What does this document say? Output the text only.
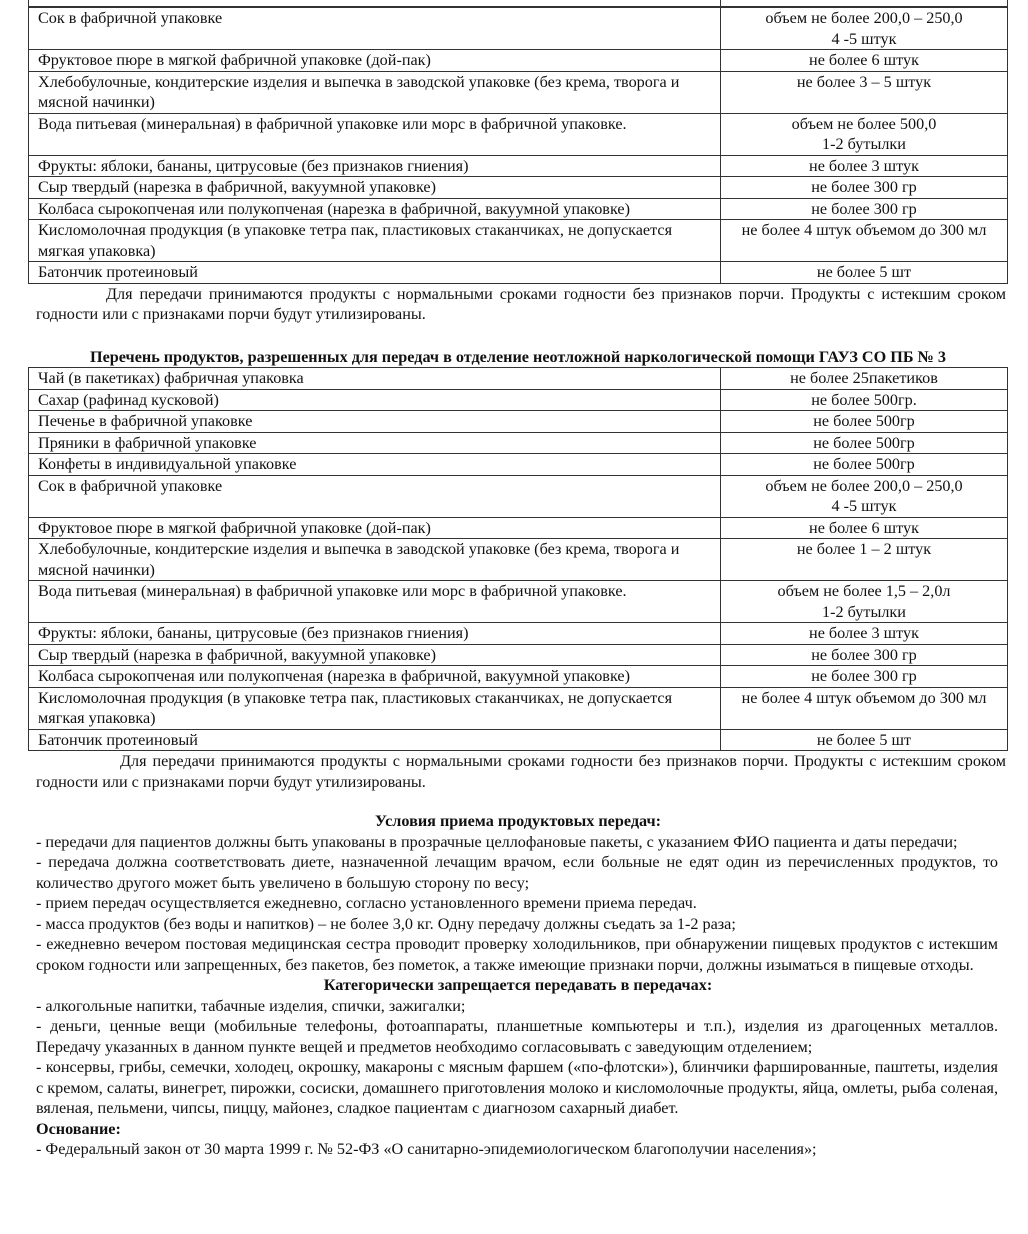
Сок в фабричной упаковке	объем не более 200,0 – 250,0
4 -5 штук

Фруктовое пюре в мягкой фабричной упаковке (дой-пак)	не более 6 штук

Хлебобулочные, кондитерские изделия и выпечка в заводской упаковке (без крема, творога и мясной начинки)	не более 3 – 5 штук

Вода питьевая (минеральная) в фабричной упаковке или морс в фабричной упаковке.	объем не более 500,0
1-2 бутылки

Фрукты: яблоки, бананы, цитрусовые (без признаков гниения)	не более 3 штук

Сыр твердый (нарезка в фабричной, вакуумной упаковке)	не более 300 гр

Колбаса сырокопченая или полукопченая (нарезка в фабричной, вакуумной упаковке)	не более 300 гр

Кисломолочная продукция (в упаковке тетра пак, пластиковых стаканчиках, не допускается мягкая упаковка)	не более 4 штук объемом до 300 мл

Батончик протеиновый	не более 5 шт

Для передачи принимаются продукты с нормальными сроками годности без признаков порчи. Продукты с истекшим сроком годности или с признаками порчи будут утилизированы.

Перечень продуктов, разрешенных для передач в отделение неотложной наркологической помощи ГАУЗ СО ПБ № 3
Чай (в пакетиках) фабричная упаковка	не более 25пакетиков

Сахар (рафинад кусковой)	не более 500гр.

Печенье в фабричной упаковке	не более 500гр

Пряники в фабричной упаковке	не более 500гр

Конфеты в индивидуальной упаковке	не более 500гр

Сок в фабричной упаковке	объем не более 200,0 – 250,0
4 -5 штук

Фруктовое пюре в мягкой фабричной упаковке (дой-пак)	не более 6 штук

Хлебобулочные, кондитерские изделия и выпечка в заводской упаковке (без крема, творога и мясной начинки)	не более 1 – 2 штук

Вода питьевая (минеральная) в фабричной упаковке или морс в фабричной упаковке.	объем не более 1,5 – 2,0л
1-2 бутылки

Фрукты: яблоки, бананы, цитрусовые (без признаков гниения)	не более 3 штук

Сыр твердый (нарезка в фабричной, вакуумной упаковке)	не более 300 гр

Колбаса сырокопченая или полукопченая (нарезка в фабричной, вакуумной упаковке)	не более 300 гр

Кисломолочная продукция (в упаковке тетра пак, пластиковых стаканчиках, не допускается мягкая упаковка)	не более 4 штук объемом до 300 мл

Батончик протеиновый	не более 5 шт

Для передачи принимаются продукты с нормальными сроками годности без признаков порчи. Продукты с истекшим сроком годности или с признаками порчи будут утилизированы.

Условия приема продуктовых передач:

- передачи для пациентов должны быть упакованы в прозрачные целлофановые пакеты, с указанием ФИО пациента и даты передачи;

- передача должна соответствовать диете, назначенной лечащим врачом, если больные не едят один из перечисленных продуктов, то количество другого может быть увеличено в большую сторону по весу;

- прием передач осуществляется ежедневно, согласно установленного времени приема передач.

- масса продуктов (без воды и напитков) – не более 3,0 кг. Одну передачу должны съедать за 1-2 раза;

- ежедневно вечером постовая медицинская сестра проводит проверку холодильников, при обнаружении пищевых продуктов с истекшим сроком годности или запрещенных, без пакетов, без пометок, а также имеющие признаки порчи, должны изыматься в пищевые отходы.

Категорически запрещается передавать в передачах:

- алкогольные напитки, табачные изделия, спички, зажигалки;

- деньги, ценные вещи (мобильные телефоны, фотоаппараты, планшетные компьютеры и т.п.), изделия из драгоценных металлов. Передачу указанных в данном пункте вещей и предметов необходимо согласовывать с заведующим отделением;

- консервы, грибы, семечки, холодец, окрошку, макароны с мясным фаршем («по-флотски»), блинчики фаршированные, паштеты, изделия с кремом, салаты, винегрет, пирожки, сосиски, домашнего приготовления молоко и кисломолочные продукты, яйца, омлеты, рыба соленая, вяленая, пельмени, чипсы, пиццу, майонез, сладкое пациентам с диагнозом сахарный диабет.

Основание:

- Федеральный закон от 30 марта 1999 г. № 52-ФЗ «О санитарно-эпидемиологическом благополучии населения»;
